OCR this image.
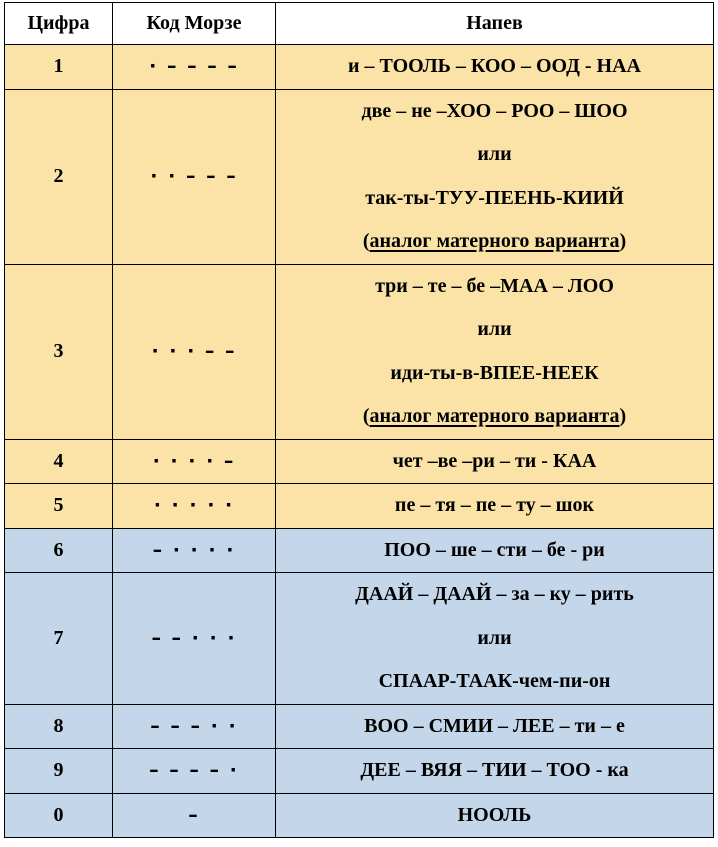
Цифра	Код Морзе	Напев
1	· – – – –	и – ТООЛЬ – КОО – ООД - НАА

2	· · – – –	две – не –ХОО – РОО – ШОО
или
так-ты-ТУУ-ПЕЕНЬ-КИИЙ
(аналог матерного варианта)

3	· · · – –	три – те – бе –МАА – ЛОО
или
иди-ты-в-ВПЕЕ-НЕЕК
(аналог матерного варианта)

4	· · · · –	чет –ве –ри – ти - КАА

5	· · · · ·	пе – тя – пе – ту – шок

6	– · · · ·	ПОО – ше – сти – бе - ри

7	– – · · ·	ДААЙ – ДААЙ – за – ку – рить
или
СПААР-ТААК-чем-пи-он

8	– – – · ·	ВОО – СМИИ – ЛЕЕ – ти – е

9	– – – – ·	ДЕЕ – ВЯЯ – ТИИ – ТОО - ка

0	–	НООЛЬ
